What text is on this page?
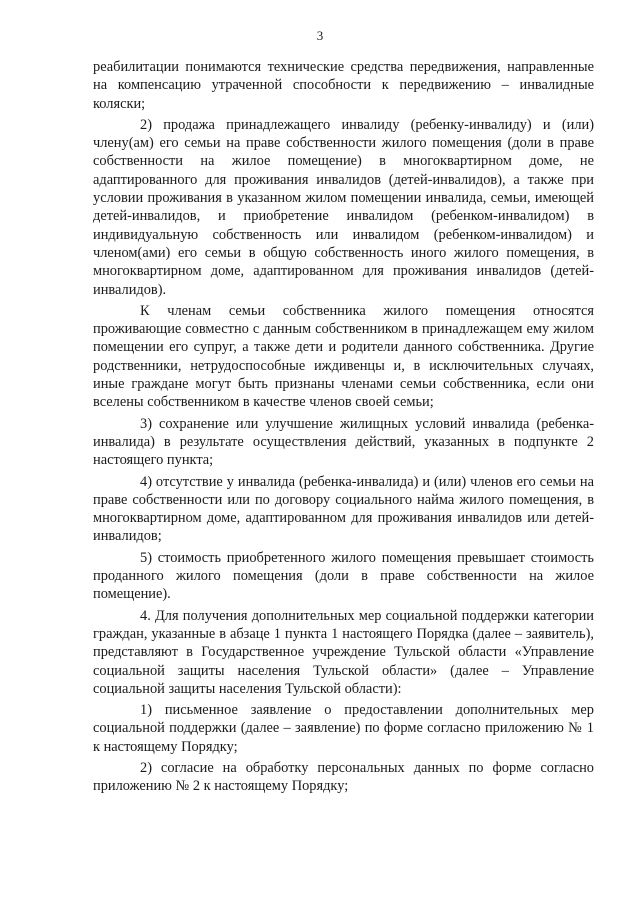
3

реабилитации понимаются технические средства передвижения, направленные на компенсацию утраченной способности к передвижению – инвалидные коляски;

2) продажа принадлежащего инвалиду (ребенку-инвалиду) и (или) члену(ам) его семьи на праве собственности жилого помещения (доли в праве собственности на жилое помещение) в многоквартирном доме, не адаптированного для проживания инвалидов (детей-инвалидов), а также при условии проживания в указанном жилом помещении инвалида, семьи, имеющей детей-инвалидов, и приобретение инвалидом (ребенком-инвалидом) в индивидуальную собственность или инвалидом (ребенком-инвалидом) и членом(ами) его семьи в общую собственность иного жилого помещения, в многоквартирном доме, адаптированном для проживания инвалидов (детей-инвалидов).

К членам семьи собственника жилого помещения относятся проживающие совместно с данным собственником в принадлежащем ему жилом помещении его супруг, а также дети и родители данного собственника. Другие родственники, нетрудоспособные иждивенцы и, в исключительных случаях, иные граждане могут быть признаны членами семьи собственника, если они вселены собственником в качестве членов своей семьи;

3) сохранение или улучшение жилищных условий инвалида (ребенка-инвалида) в результате осуществления действий, указанных в подпункте 2 настоящего пункта;

4) отсутствие у инвалида (ребенка-инвалида) и (или) членов его семьи на праве собственности или по договору социального найма жилого помещения, в многоквартирном доме, адаптированном для проживания инвалидов или детей-инвалидов;

5) стоимость приобретенного жилого помещения превышает стоимость проданного жилого помещения (доли в праве собственности на жилое помещение).

4. Для получения дополнительных мер социальной поддержки категории граждан, указанные в абзаце 1 пункта 1 настоящего Порядка (далее – заявитель), представляют в Государственное учреждение Тульской области «Управление социальной защиты населения Тульской области» (далее – Управление социальной защиты населения Тульской области):

1) письменное заявление о предоставлении дополнительных мер социальной поддержки (далее – заявление) по форме согласно приложению № 1 к настоящему Порядку;

2) согласие на обработку персональных данных по форме согласно приложению № 2 к настоящему Порядку;
